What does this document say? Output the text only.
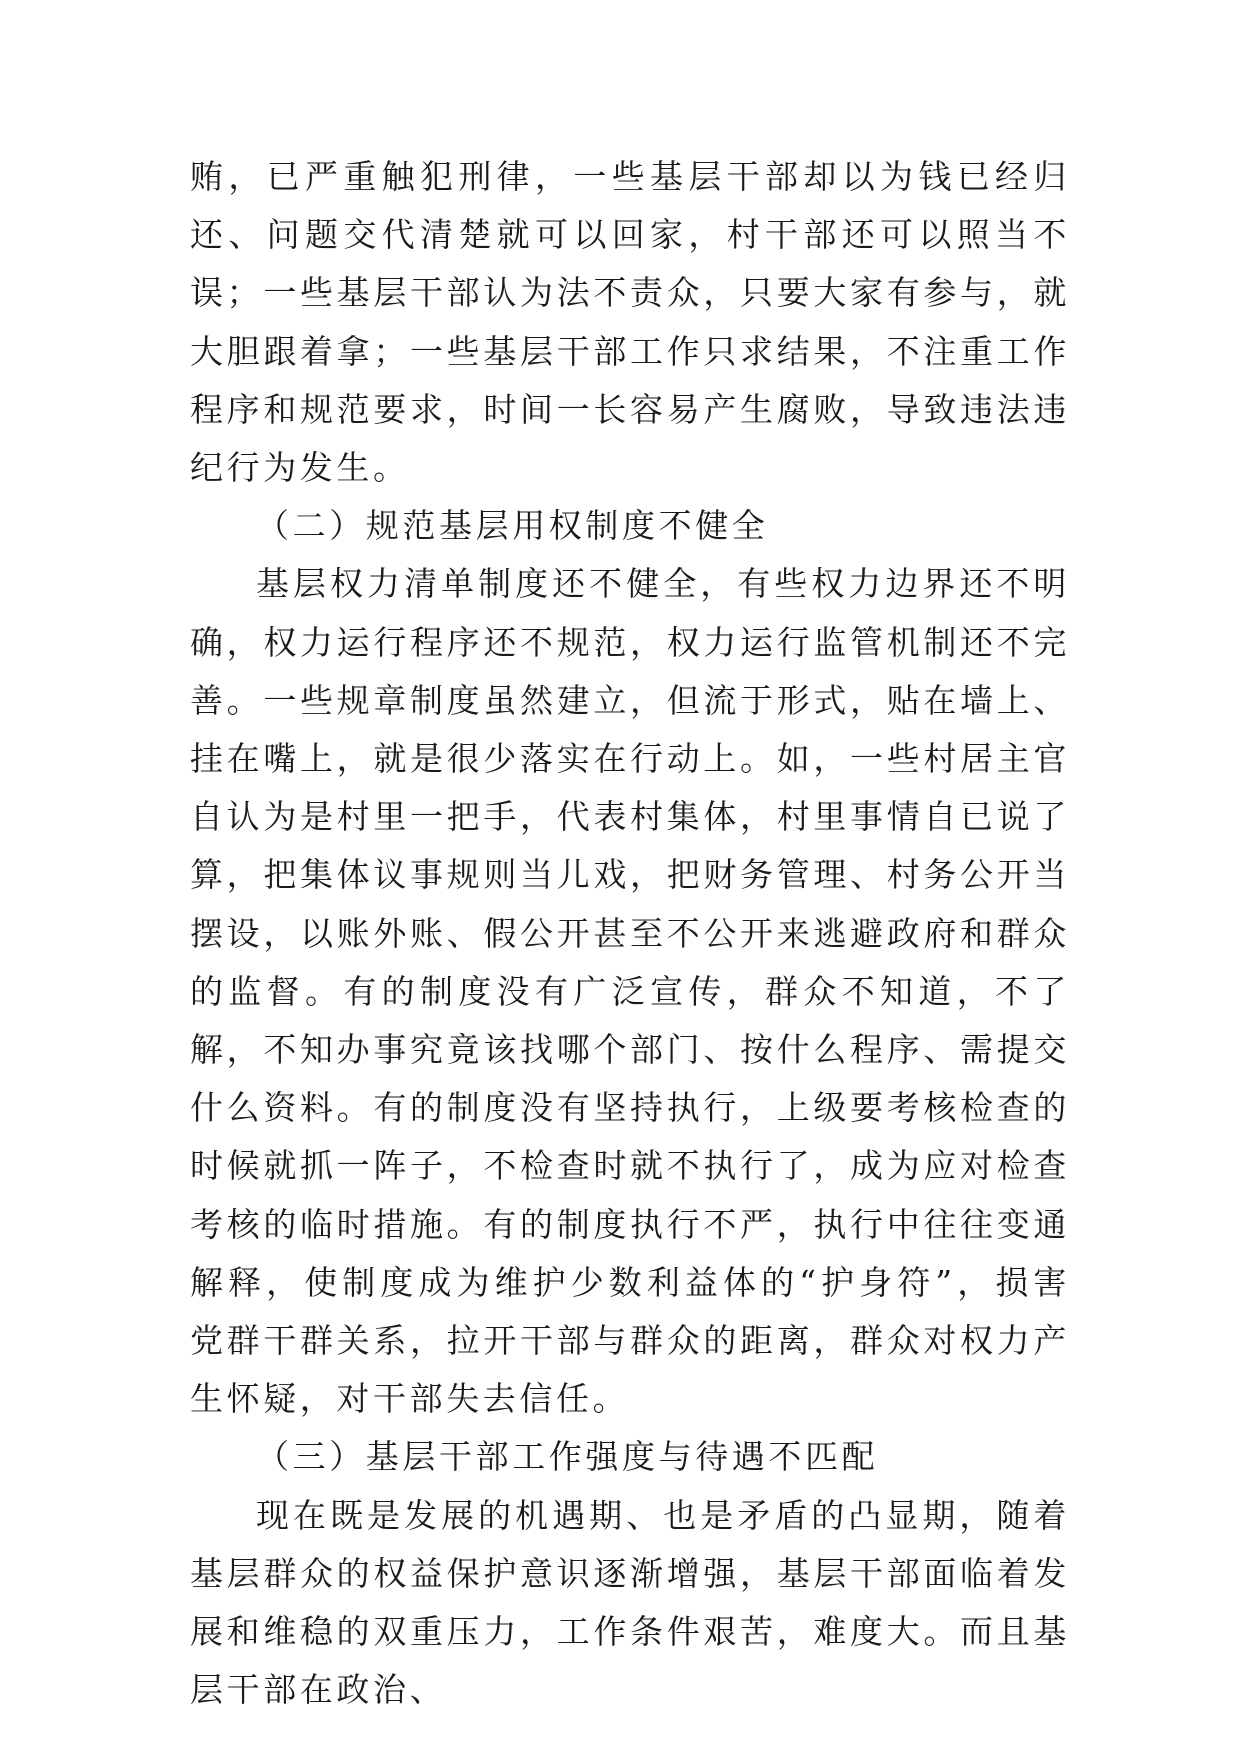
贿，已严重触犯刑律，一些基层干部却以为钱已经归还、问题交代清楚就可以回家，村干部还可以照当不误；一些基层干部认为法不责众，只要大家有参与，就大胆跟着拿；一些基层干部工作只求结果，不注重工作程序和规范要求，时间一长容易产生腐败，导致违法违纪行为发生。

（二）规范基层用权制度不健全

基层权力清单制度还不健全，有些权力边界还不明确，权力运行程序还不规范，权力运行监管机制还不完善。一些规章制度虽然建立，但流于形式，贴在墙上、挂在嘴上，就是很少落实在行动上。如，一些村居主官自认为是村里一把手，代表村集体，村里事情自已说了算，把集体议事规则当儿戏，把财务管理、村务公开当摆设，以账外账、假公开甚至不公开来逃避政府和群众的监督。有的制度没有广泛宣传，群众不知道，不了解，不知办事究竟该找哪个部门、按什么程序、需提交什么资料。有的制度没有坚持执行，上级要考核检查的时候就抓一阵子，不检查时就不执行了，成为应对检查考核的临时措施。有的制度执行不严，执行中往往变通解释，使制度成为维护少数利益体的“护身符”，损害党群干群关系，拉开干部与群众的距离，群众对权力产生怀疑，对干部失去信任。

（三）基层干部工作强度与待遇不匹配

现在既是发展的机遇期、也是矛盾的凸显期，随着基层群众的权益保护意识逐渐增强，基层干部面临着发展和维稳的双重压力，工作条件艰苦，难度大。而且基层干部在政治、
